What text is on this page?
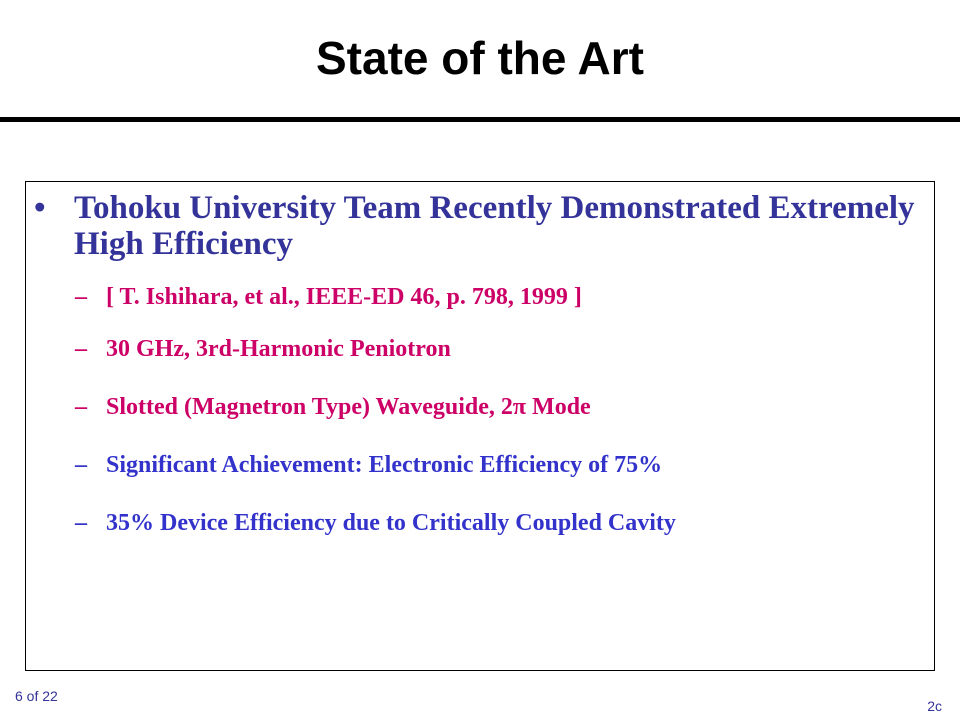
State of the Art
• Tohoku University Team Recently Demonstrated Extremely High Efficiency
– [ T. Ishihara, et al., IEEE-ED 46, p. 798, 1999 ]
– 30 GHz, 3rd-Harmonic Peniotron
– Slotted (Magnetron Type) Waveguide, 2π Mode
– Significant Achievement: Electronic Efficiency of 75%
– 35% Device Efficiency due to Critically Coupled Cavity
6 of 22
2c
